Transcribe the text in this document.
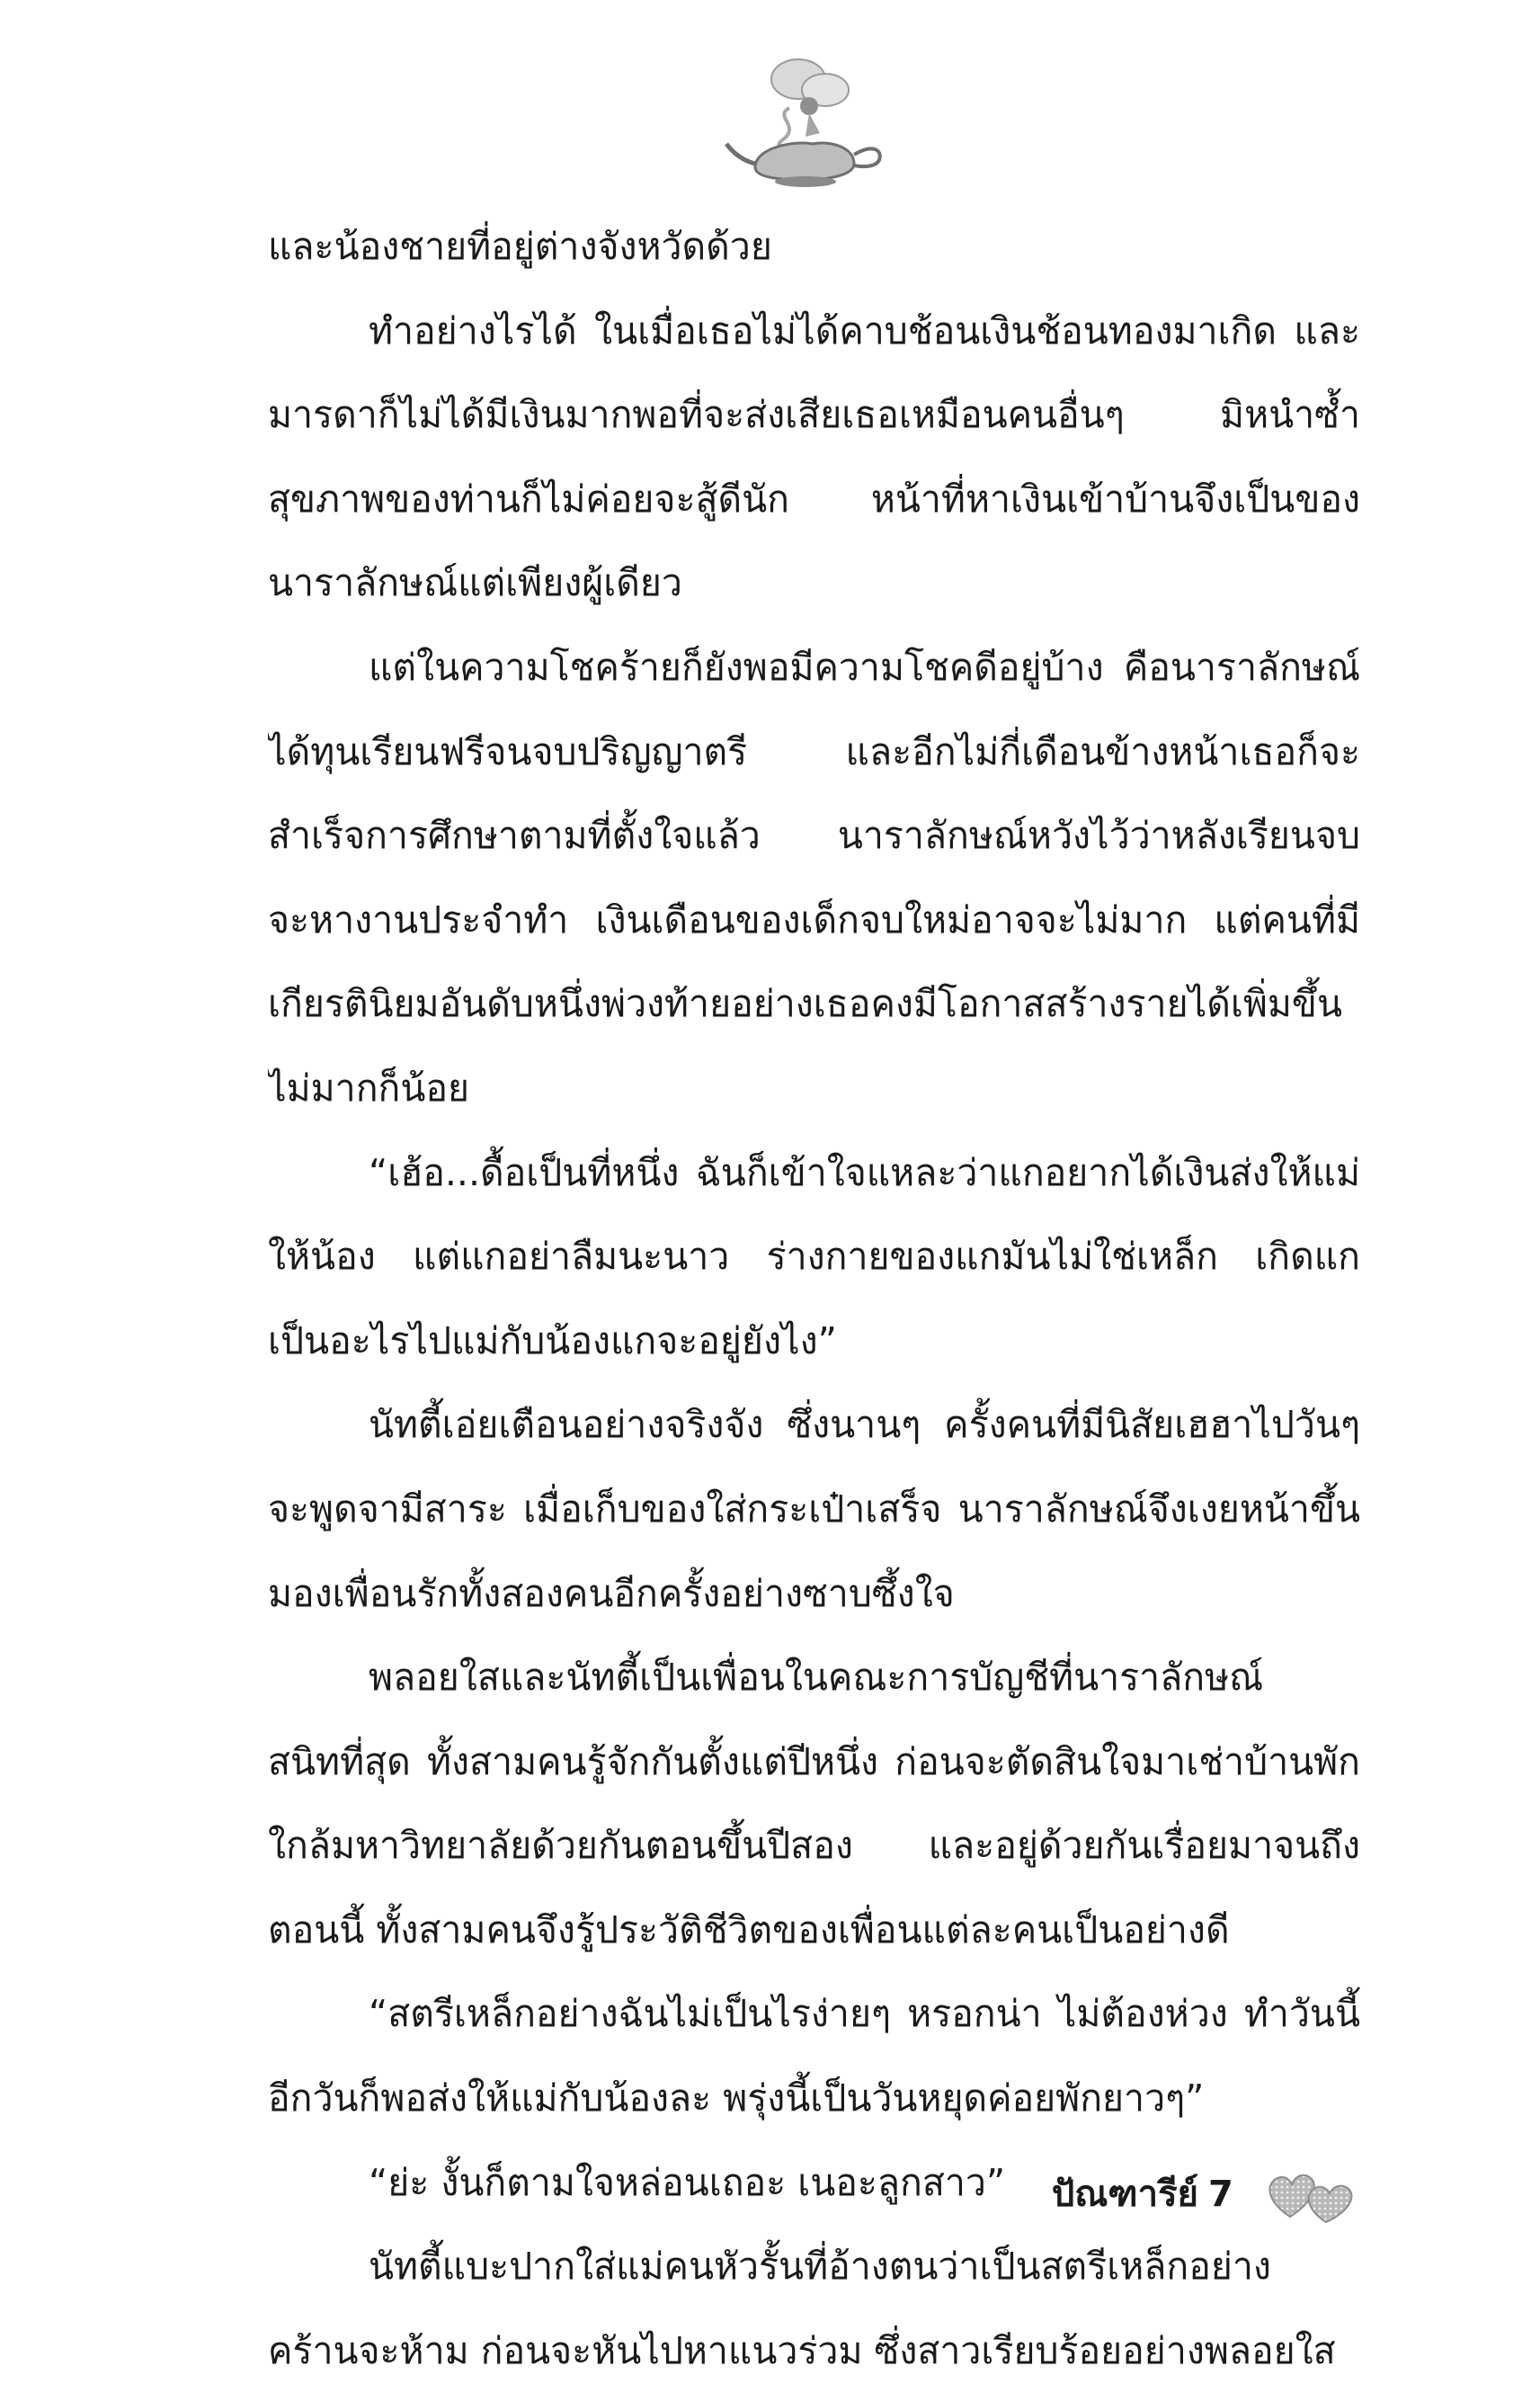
และน้องชายที่อยู่ต่างจังหวัดด้วย
ทำอย่างไรได้ ในเมื่อเธอไม่ได้คาบช้อนเงินช้อนทองมาเกิด และ
มารดาก็ไม่ได้มีเงินมากพอที่จะส่งเสียเธอเหมือนคนอื่นๆ มิหนำซ้ำ
สุขภาพของท่านก็ไม่ค่อยจะสู้ดีนัก หน้าที่หาเงินเข้าบ้านจึงเป็นของ
นาราลักษณ์แต่เพียงผู้เดียว
แต่ในความโชคร้ายก็ยังพอมีความโชคดีอยู่บ้าง คือนาราลักษณ์
ได้ทุนเรียนฟรีจนจบปริญญาตรี และอีกไม่กี่เดือนข้างหน้าเธอก็จะ
สำเร็จการศึกษาตามที่ตั้งใจแล้ว นาราลักษณ์หวังไว้ว่าหลังเรียนจบ
จะหางานประจำทำ เงินเดือนของเด็กจบใหม่อาจจะไม่มาก แต่คนที่มี
เกียรตินิยมอันดับหนึ่งพ่วงท้ายอย่างเธอคงมีโอกาสสร้างรายได้เพิ่มขึ้น
ไม่มากก็น้อย
“เฮ้อ...ดื้อเป็นที่หนึ่ง ฉันก็เข้าใจแหละว่าแกอยากได้เงินส่งให้แม่
ให้น้อง แต่แกอย่าลืมนะนาว ร่างกายของแกมันไม่ใช่เหล็ก เกิดแก
เป็นอะไรไปแม่กับน้องแกจะอยู่ยังไง”
นัทตี้เอ่ยเตือนอย่างจริงจัง ซึ่งนานๆ ครั้งคนที่มีนิสัยเฮฮาไปวันๆ
จะพูดจามีสาระ เมื่อเก็บของใส่กระเป๋าเสร็จ นาราลักษณ์จึงเงยหน้าขึ้น
มองเพื่อนรักทั้งสองคนอีกครั้งอย่างซาบซึ้งใจ
พลอยใสและนัทตี้เป็นเพื่อนในคณะการบัญชีที่นาราลักษณ์
สนิทที่สุด ทั้งสามคนรู้จักกันตั้งแต่ปีหนึ่ง ก่อนจะตัดสินใจมาเช่าบ้านพัก
ใกล้มหาวิทยาลัยด้วยกันตอนขึ้นปีสอง และอยู่ด้วยกันเรื่อยมาจนถึง
ตอนนี้ ทั้งสามคนจึงรู้ประวัติชีวิตของเพื่อนแต่ละคนเป็นอย่างดี
“สตรีเหล็กอย่างฉันไม่เป็นไรง่ายๆ หรอกน่า ไม่ต้องห่วง ทำวันนี้
อีกวันก็พอส่งให้แม่กับน้องละ พรุ่งนี้เป็นวันหยุดค่อยพักยาวๆ”
“ย่ะ งั้นก็ตามใจหล่อนเถอะ เนอะลูกสาว”
นัทตี้แบะปากใส่แม่คนหัวรั้นที่อ้างตนว่าเป็นสตรีเหล็กอย่าง
คร้านจะห้าม ก่อนจะหันไปหาแนวร่วม ซึ่งสาวเรียบร้อยอย่างพลอยใส
ปัณฑารีย์ 7
